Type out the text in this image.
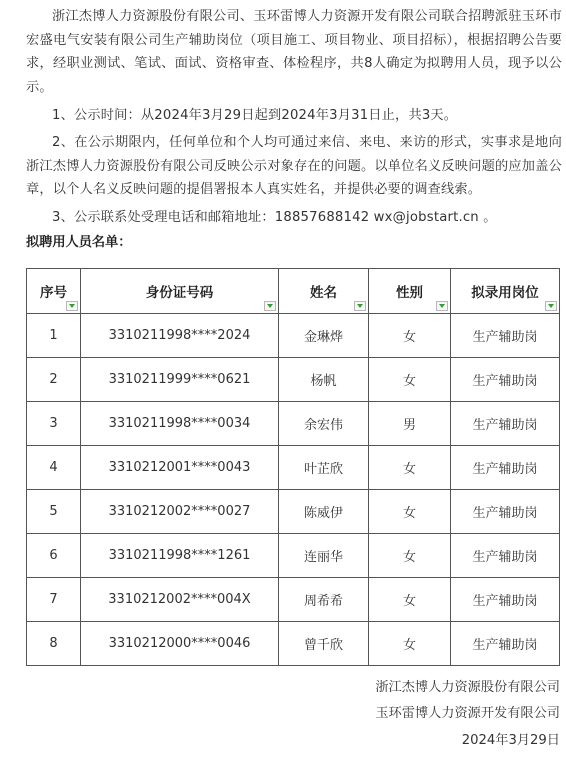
浙江杰博人力资源股份有限公司、玉环雷博人力资源开发有限公司联合招聘派驻玉环市宏盛电气安装有限公司生产辅助岗位（项目施工、项目物业、项目招标），根据招聘公告要求，经职业测试、笔试、面试、资格审查、体检程序，共8人确定为拟聘用人员，现予以公示。

1、公示时间：从2024年3月29日起到2024年3月31日止，共3天。

2、在公示期限内，任何单位和个人均可通过来信、来电、来访的形式，实事求是地向浙江杰博人力资源股份有限公司反映公示对象存在的问题。以单位名义反映问题的应加盖公章，以个人名义反映问题的提倡署报本人真实姓名，并提供必要的调查线索。

3、公示联系处受理电话和邮箱地址：18857688142 wx@jobstart.cn 。

拟聘用人员名单：

序号	身份证号码	姓名	性别	拟录用岗位

1	3310211998****2024	金琳烨	女	生产辅助岗
2	3310211999****0621	杨帆	女	生产辅助岗
3	3310211998****0034	余宏伟	男	生产辅助岗
4	3310212001****0043	叶芷欣	女	生产辅助岗
5	3310212002****0027	陈威伊	女	生产辅助岗
6	3310211998****1261	连丽华	女	生产辅助岗
7	3310212002****004X	周希希	女	生产辅助岗
8	3310212000****0046	曾千欣	女	生产辅助岗

浙江杰博人力资源股份有限公司

玉环雷博人力资源开发有限公司

2024年3月29日
